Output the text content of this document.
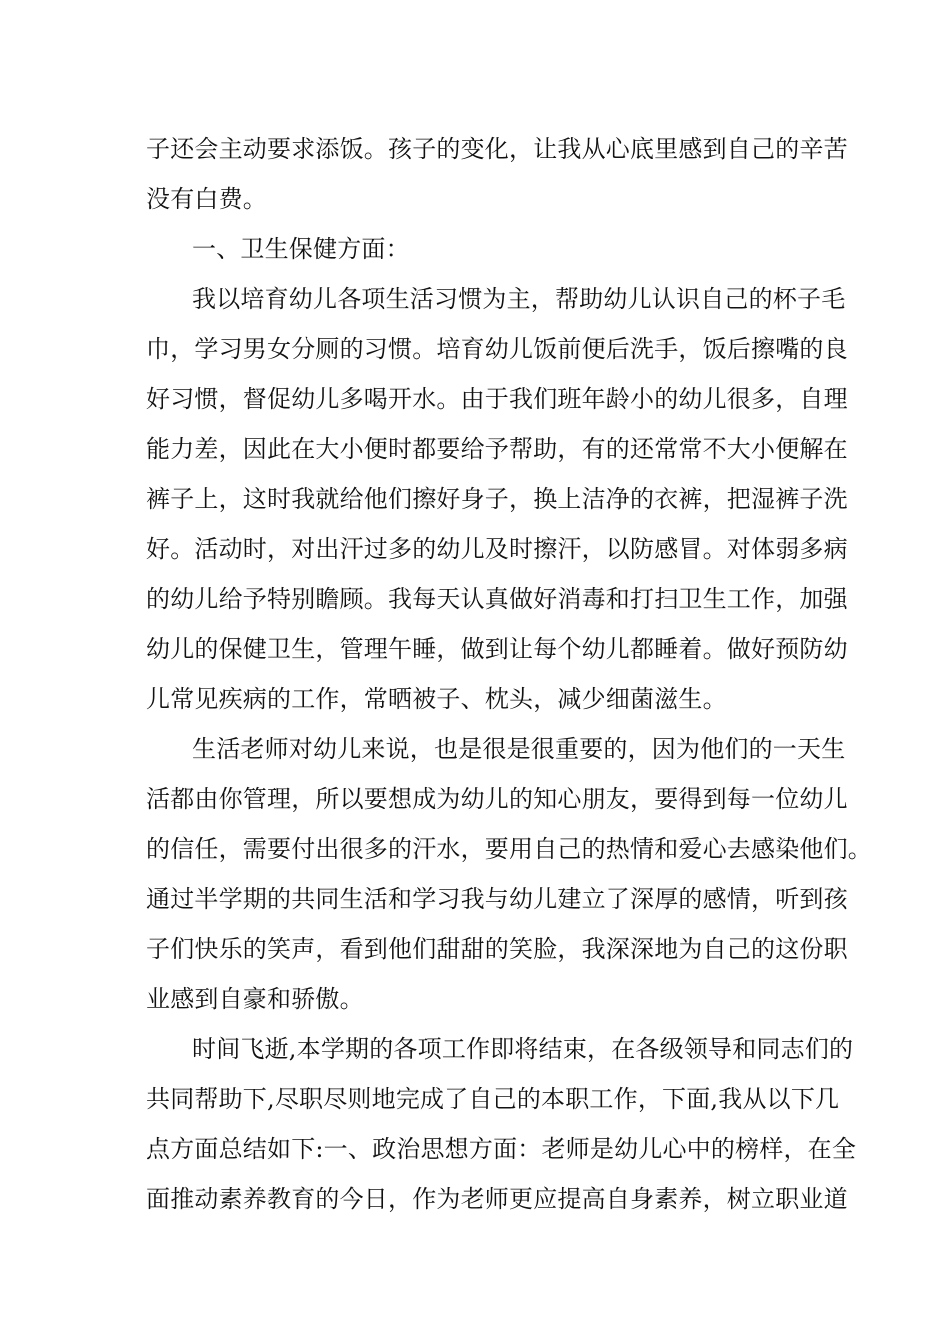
子还会主动要求添饭。孩子的变化，让我从心底里感到自己的辛苦
没有白费。
一、卫生保健方面：
我以培育幼儿各项生活习惯为主，帮助幼儿认识自己的杯子毛
巾，学习男女分厕的习惯。培育幼儿饭前便后洗手，饭后擦嘴的良
好习惯，督促幼儿多喝开水。由于我们班年龄小的幼儿很多，自理
能力差，因此在大小便时都要给予帮助，有的还常常不大小便解在
裤子上，这时我就给他们擦好身子，换上洁净的衣裤，把湿裤子洗
好。活动时，对出汗过多的幼儿及时擦汗，以防感冒。对体弱多病
的幼儿给予特别瞻顾。我每天认真做好消毒和打扫卫生工作，加强
幼儿的保健卫生，管理午睡，做到让每个幼儿都睡着。做好预防幼
儿常见疾病的工作，常晒被子、枕头，减少细菌滋生。
生活老师对幼儿来说，也是很是很重要的，因为他们的一天生
活都由你管理，所以要想成为幼儿的知心朋友，要得到每一位幼儿
的信任，需要付出很多的汗水，要用自己的热情和爱心去感染他们。
通过半学期的共同生活和学习我与幼儿建立了深厚的感情，听到孩
子们快乐的笑声，看到他们甜甜的笑脸，我深深地为自己的这份职
业感到自豪和骄傲。
时间飞逝,本学期的各项工作即将结束，在各级领导和同志们的
共同帮助下,尽职尽则地完成了自己的本职工作，下面,我从以下几
点方面总结如下:一、政治思想方面：老师是幼儿心中的榜样，在全
面推动素养教育的今日，作为老师更应提高自身素养，树立职业道
